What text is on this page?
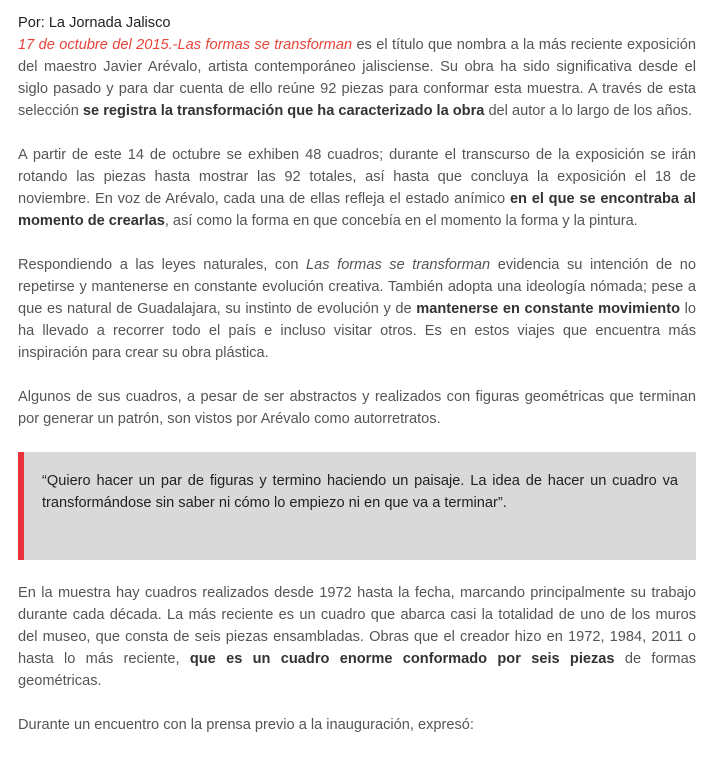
Por: La Jornada Jalisco
17 de octubre del 2015.-Las formas se transforman es el título que nombra a la más reciente exposición del maestro Javier Arévalo, artista contemporáneo jalisciense. Su obra ha sido significativa desde el siglo pasado y para dar cuenta de ello reúne 92 piezas para conformar esta muestra. A través de esta selección se registra la transformación que ha caracterizado la obra del autor a lo largo de los años.

A partir de este 14 de octubre se exhiben 48 cuadros; durante el transcurso de la exposición se irán rotando las piezas hasta mostrar las 92 totales, así hasta que concluya la exposición el 18 de noviembre. En voz de Arévalo, cada una de ellas refleja el estado anímico en el que se encontraba al momento de crearlas, así como la forma en que concebía en el momento la forma y la pintura.

Respondiendo a las leyes naturales, con Las formas se transforman evidencia su intención de no repetirse y mantenerse en constante evolución creativa. También adopta una ideología nómada; pese a que es natural de Guadalajara, su instinto de evolución y de mantenerse en constante movimiento lo ha llevado a recorrer todo el país e incluso visitar otros. Es en estos viajes que encuentra más inspiración para crear su obra plástica.

Algunos de sus cuadros, a pesar de ser abstractos y realizados con figuras geométricas que terminan por generar un patrón, son vistos por Arévalo como autorretratos.

“Quiero hacer un par de figuras y termino haciendo un paisaje. La idea de hacer un cuadro va transformándose sin saber ni cómo lo empiezo ni en que va a terminar”.

En la muestra hay cuadros realizados desde 1972 hasta la fecha, marcando principalmente su trabajo durante cada década. La más reciente es un cuadro que abarca casi la totalidad de uno de los muros del museo, que consta de seis piezas ensambladas. Obras que el creador hizo en 1972, 1984, 2011 o hasta lo más reciente, que es un cuadro enorme conformado por seis piezas de formas geométricas.

Durante un encuentro con la prensa previo a la inauguración, expresó:
